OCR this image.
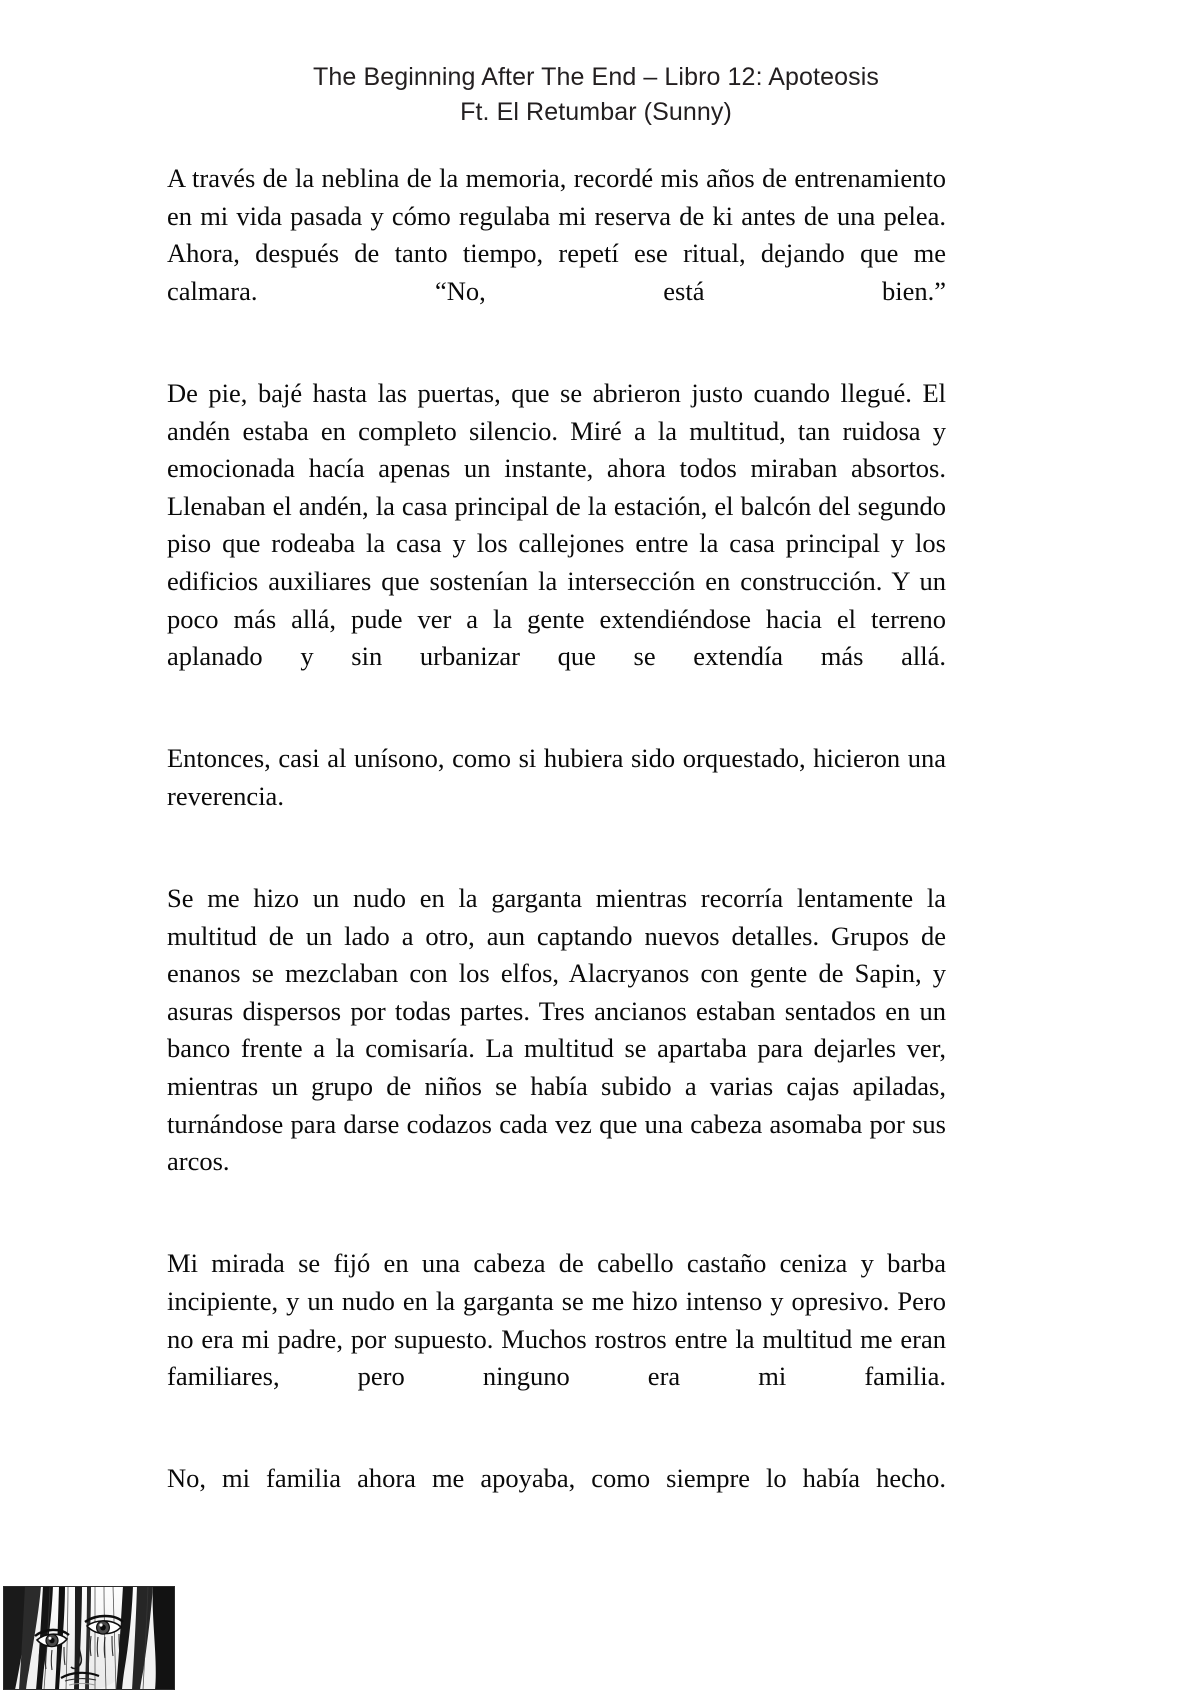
The Beginning After The End – Libro 12: Apoteosis
Ft. El Retumbar (Sunny)

A través de la neblina de la memoria, recordé mis años de entrenamiento en mi vida pasada y cómo regulaba mi reserva de ki antes de una pelea. Ahora, después de tanto tiempo, repetí ese ritual, dejando que me calmara. “No, está bien.”

De pie, bajé hasta las puertas, que se abrieron justo cuando llegué. El andén estaba en completo silencio. Miré a la multitud, tan ruidosa y emocionada hacía apenas un instante, ahora todos miraban absortos. Llenaban el andén, la casa principal de la estación, el balcón del segundo piso que rodeaba la casa y los callejones entre la casa principal y los edificios auxiliares que sostenían la intersección en construcción. Y un poco más allá, pude ver a la gente extendiéndose hacia el terreno aplanado y sin urbanizar que se extendía más allá.

Entonces, casi al unísono, como si hubiera sido orquestado, hicieron una reverencia.

Se me hizo un nudo en la garganta mientras recorría lentamente la multitud de un lado a otro, aun captando nuevos detalles. Grupos de enanos se mezclaban con los elfos, Alacryanos con gente de Sapin, y asuras dispersos por todas partes. Tres ancianos estaban sentados en un banco frente a la comisaría. La multitud se apartaba para dejarles ver, mientras un grupo de niños se había subido a varias cajas apiladas, turnándose para darse codazos cada vez que una cabeza asomaba por sus arcos.

Mi mirada se fijó en una cabeza de cabello castaño ceniza y barba incipiente, y un nudo en la garganta se me hizo intenso y opresivo. Pero no era mi padre, por supuesto. Muchos rostros entre la multitud me eran familiares, pero ninguno era mi familia.

No, mi familia ahora me apoyaba, como siempre lo había hecho.
